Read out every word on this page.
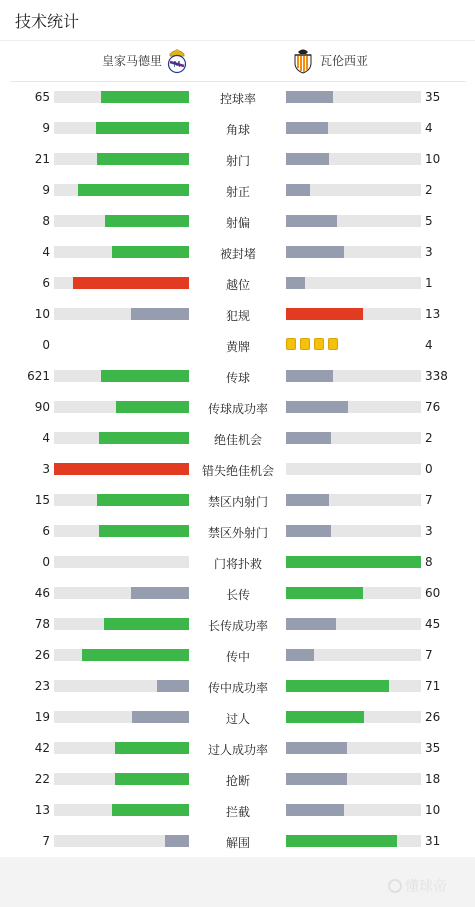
技术统计
皇家马德里 M	瓦伦西亚
65	控球率	35
9	角球	4
21	射门	10
9	射正	2
8	射偏	5
4	被封堵	3
6	越位	1
10	犯规	13
0	黄牌	4
621	传球	338
90	传球成功率	76
4	绝佳机会	2
3	错失绝佳机会	0
15	禁区内射门	7
6	禁区外射门	3
0	门将扑救	8
46	长传	60
78	长传成功率	45
26	传中	7
23	传中成功率	71
19	过人	26
42	过人成功率	35
22	抢断	18
13	拦截	10
7	解围	31
懂球帝
